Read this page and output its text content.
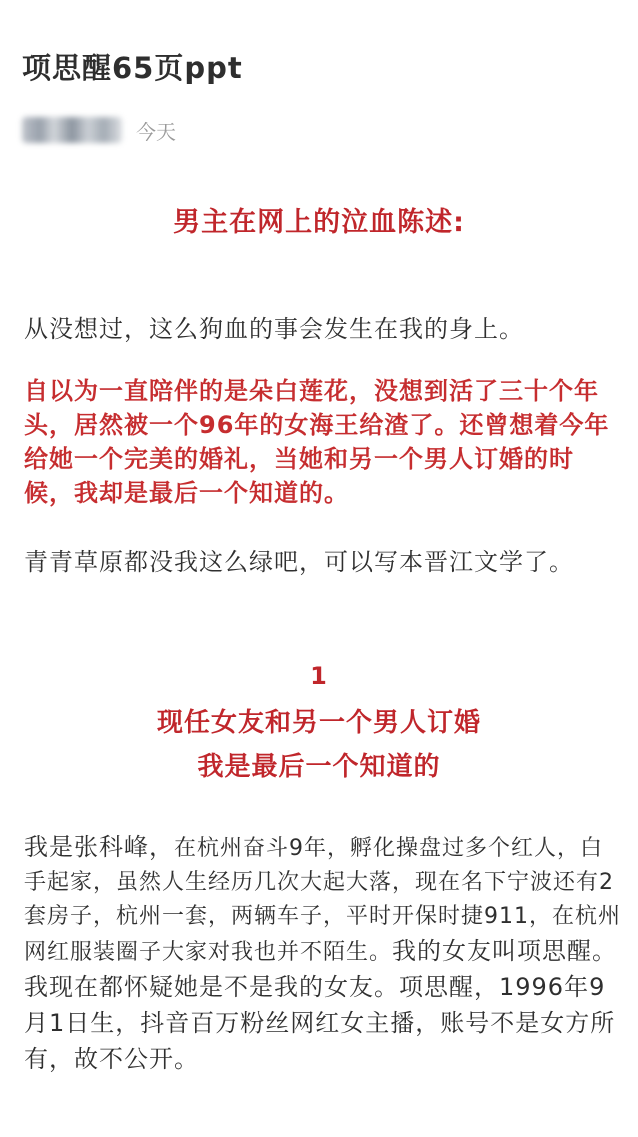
项思醒65页ppt
今天
男主在网上的泣血陈述:

从没想过，这么狗血的事会发生在我的身上。

自以为一直陪伴的是朵白莲花，没想到活了三十个年头，居然被一个96年的女海王给渣了。还曾想着今年给她一个完美的婚礼，当她和另一个男人订婚的时候，我却是最后一个知道的。

青青草原都没我这么绿吧，可以写本晋江文学了。

1
现任女友和另一个男人订婚
我是最后一个知道的

我是张科峰，在杭州奋斗9年，孵化操盘过多个红人，白手起家，虽然人生经历几次大起大落，现在名下宁波还有2套房子，杭州一套，两辆车子，平时开保时捷911，在杭州网红服装圈子大家对我也并不陌生。我的女友叫项思醒。我现在都怀疑她是不是我的女友。项思醒，1996年9月1日生，抖音百万粉丝网红女主播，账号不是女方所有，故不公开。
